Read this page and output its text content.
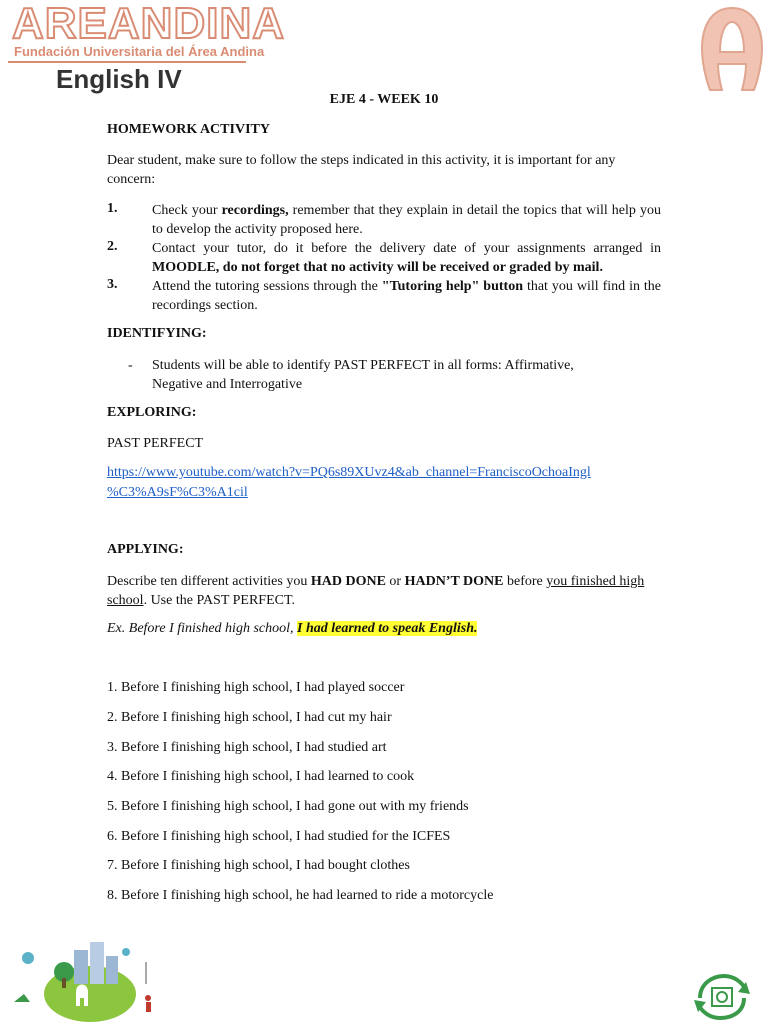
AREANDINA
Fundación Universitaria del Área Andina
English IV
EJE 4 - WEEK 10
HOMEWORK ACTIVITY
Dear student, make sure to follow the steps indicated in this activity, it is important for any concern:
1. Check your recordings, remember that they explain in detail the topics that will help you to develop the activity proposed here.
2. Contact your tutor, do it before the delivery date of your assignments arranged in MOODLE, do not forget that no activity will be received or graded by mail.
3. Attend the tutoring sessions through the "Tutoring help" button that you will find in the recordings section.
IDENTIFYING:
- Students will be able to identify PAST PERFECT in all forms: Affirmative, Negative and Interrogative
EXPLORING:
PAST PERFECT
https://www.youtube.com/watch?v=PQ6s89XUvz4&ab_channel=FranciscoOchoaIngl
%C3%A9sF%C3%A1cil
APPLYING:
Describe ten different activities you HAD DONE or HADN’T DONE before you finished high school. Use the PAST PERFECT.
Ex. Before I finished high school, I had learned to speak English.
1. Before I finishing high school, I had played soccer
2. Before I finishing high school, I had cut my hair
3. Before I finishing high school, I had studied art
4. Before I finishing high school, I had learned to cook
5. Before I finishing high school, I had gone out with my friends
6. Before I finishing high school, I had studied for the ICFES
7. Before I finishing high school, I had bought clothes
8. Before I finishing high school, he had learned to ride a motorcycle
